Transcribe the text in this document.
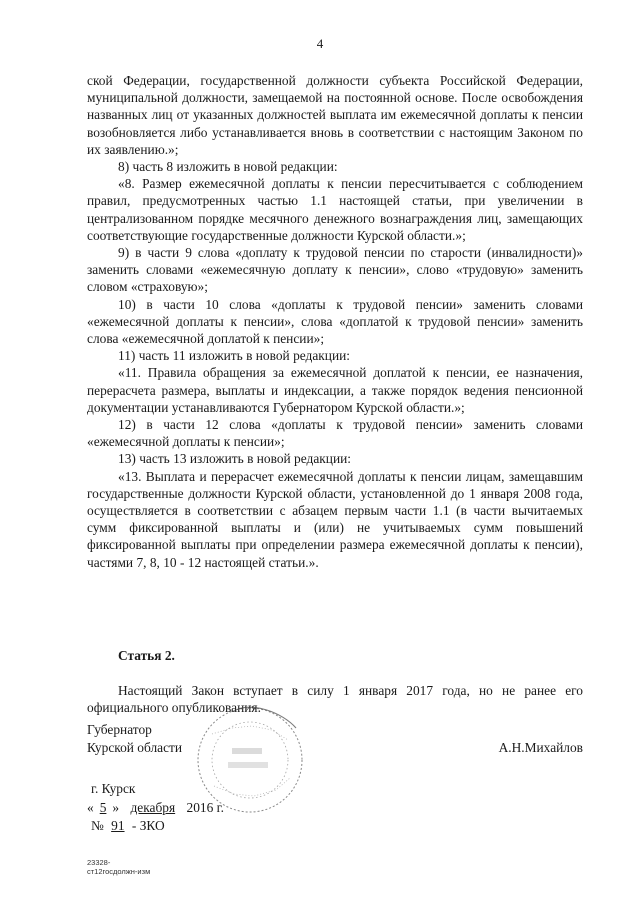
4

ской Федерации, государственной должности субъекта Российской Федерации, муниципальной должности, замещаемой на постоянной основе. После освобождения названных лиц от указанных должностей выплата им ежемесячной доплаты к пенсии возобновляется либо устанавливается вновь в соответствии с настоящим Законом по их заявлению.»;

8) часть 8 изложить в новой редакции:

«8. Размер ежемесячной доплаты к пенсии пересчитывается с соблюдением правил, предусмотренных частью 1.1 настоящей статьи, при увеличении в централизованном порядке месячного денежного вознаграждения лиц, замещающих соответствующие государственные должности Курской области.»;

9) в части 9 слова «доплату к трудовой пенсии по старости (инвалидности)» заменить словами «ежемесячную доплату к пенсии», слово «трудовую» заменить словом «страховую»;

10) в части 10 слова «доплаты к трудовой пенсии» заменить словами «ежемесячной доплаты к пенсии», слова «доплатой к трудовой пенсии» заменить слова «ежемесячной доплатой к пенсии»;

11) часть 11 изложить в новой редакции:

«11. Правила обращения за ежемесячной доплатой к пенсии, ее назначения, перерасчета размера, выплаты и индексации, а также порядок ведения пенсионной документации устанавливаются Губернатором Курской области.»;

12) в части 12 слова «доплаты к трудовой пенсии» заменить словами «ежемесячной доплаты к пенсии»;

13) часть 13 изложить в новой редакции:

«13. Выплата и перерасчет ежемесячной доплаты к пенсии лицам, замещавшим государственные должности Курской области, установленной до 1 января 2008 года, осуществляется в соответствии с абзацем первым части 1.1 (в части вычитаемых сумм фиксированной выплаты и (или) не учитываемых сумм повышений фиксированной выплаты при определении размера ежемесячной доплаты к пенсии), частями 7, 8, 10 - 12 настоящей статьи.».

Статья 2.

Настоящий Закон вступает в силу 1 января 2017 года, но не ранее его официального опубликования.

Губернатор
Курской области	А.Н.Михайлов
г. Курск
« 5 » декабря 2016 г.
№ 91 - ЗКО
23328-ст12госдолжн-изм
